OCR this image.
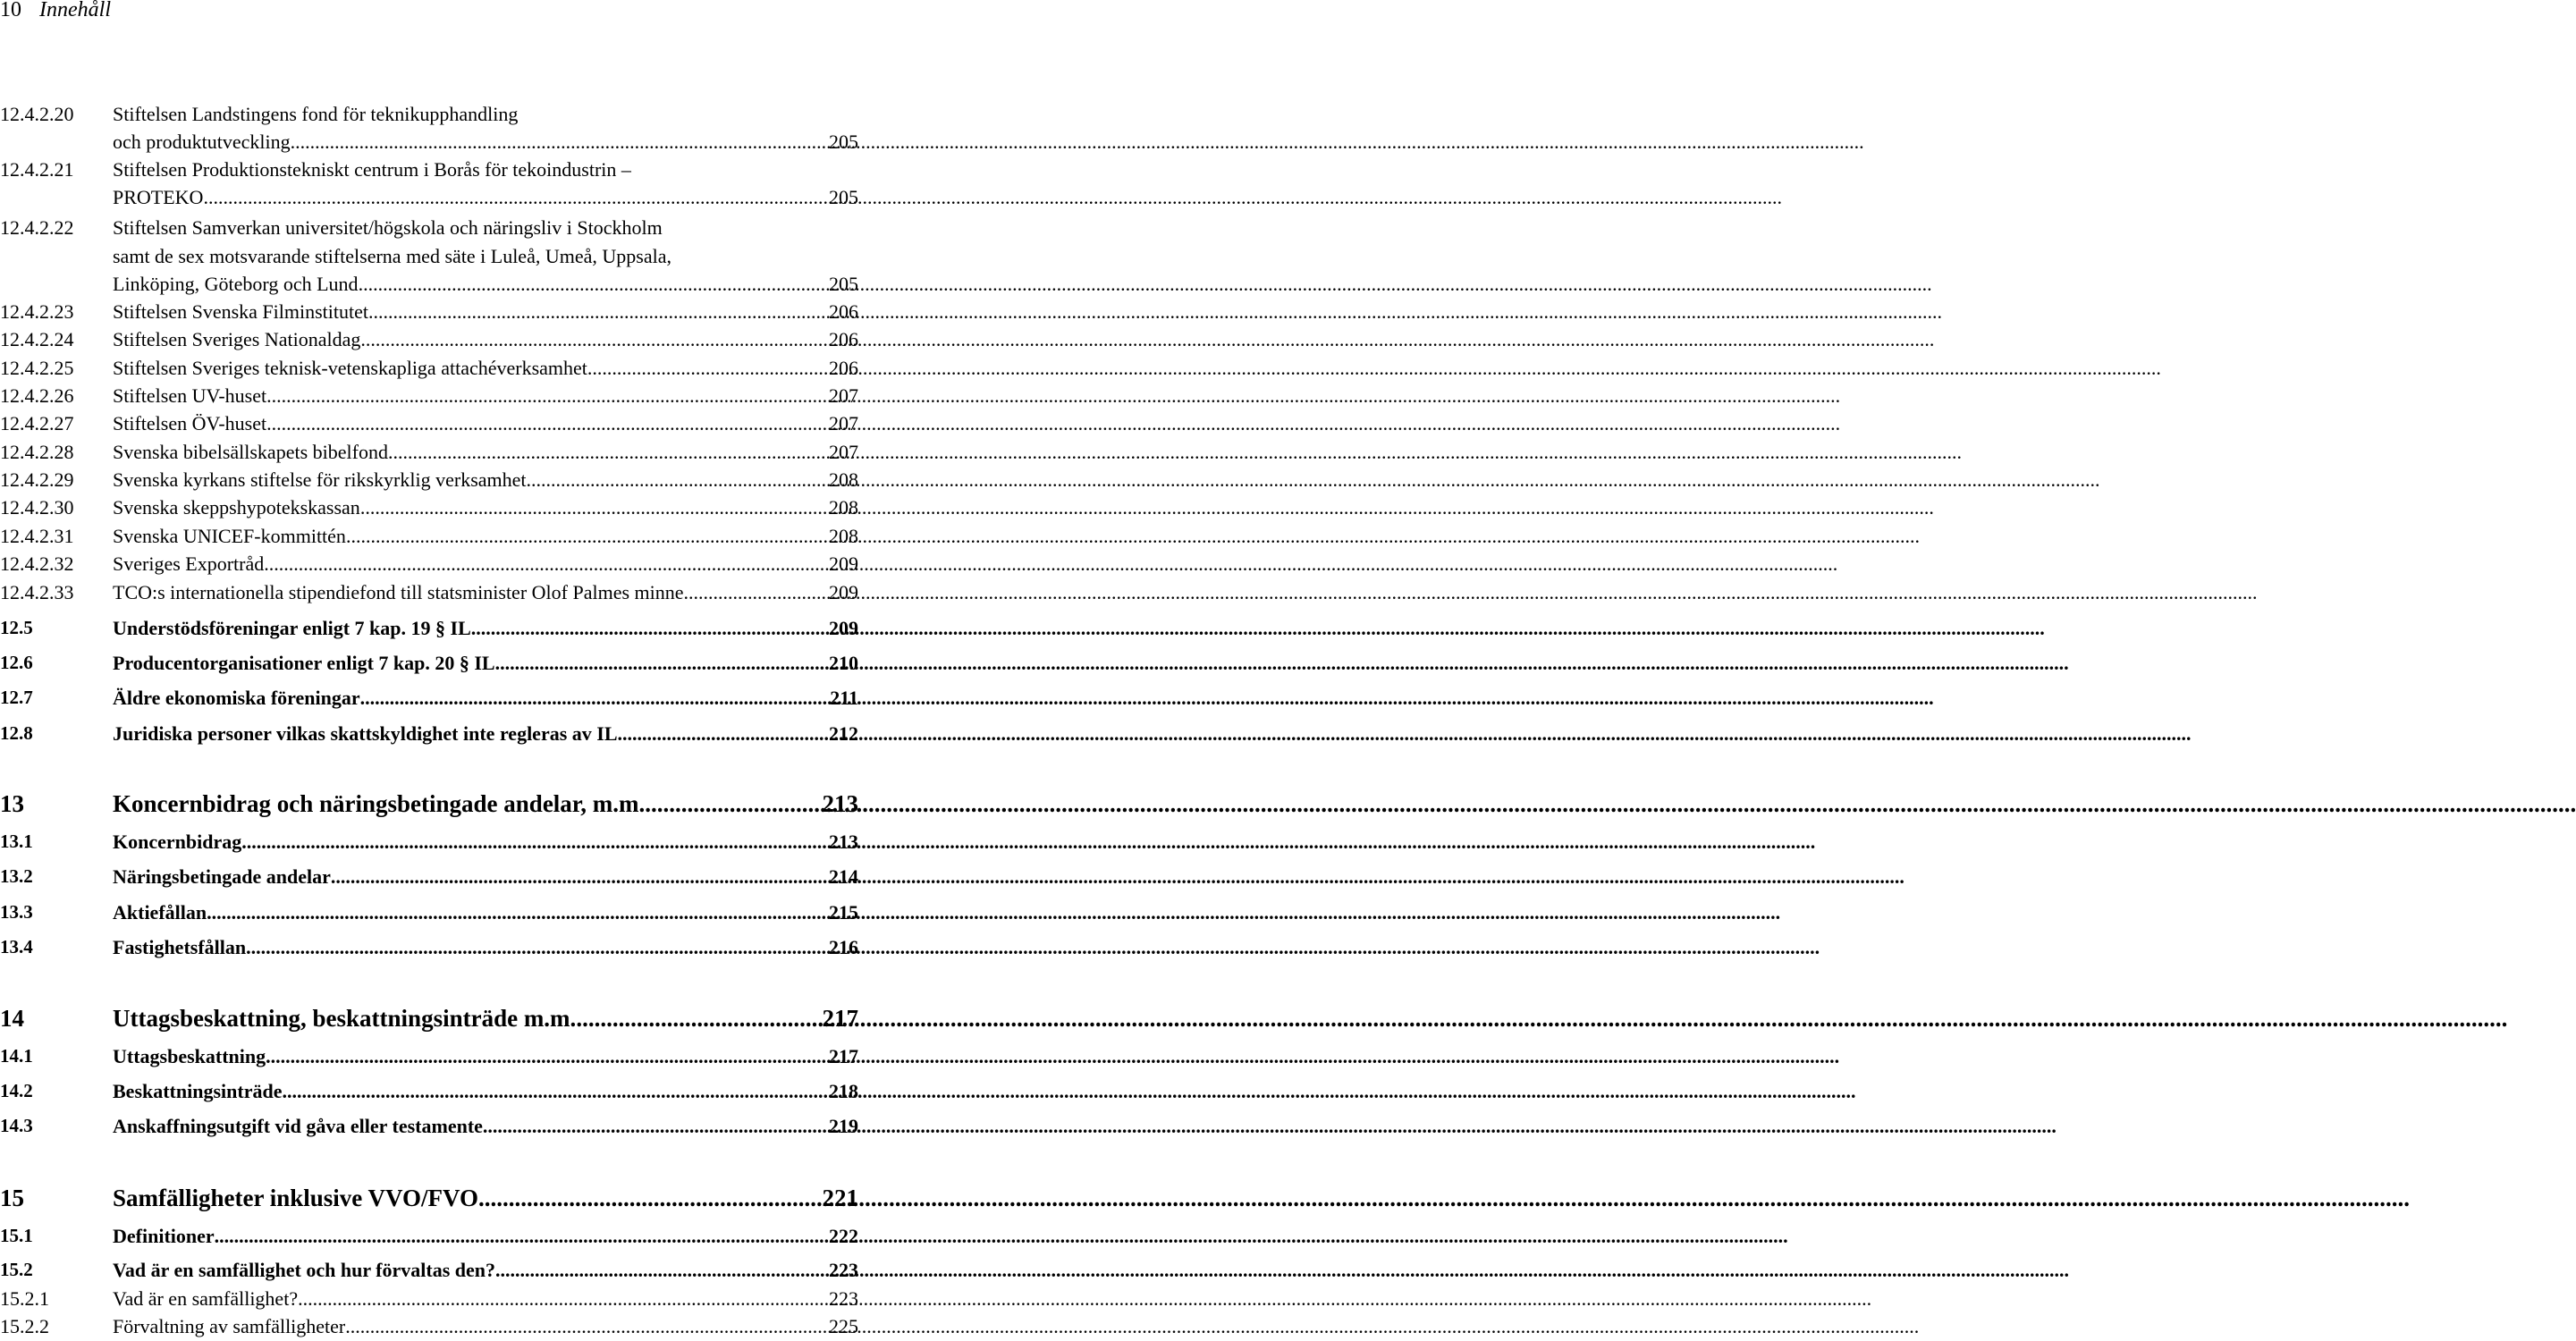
10 Innehåll
12.4.2.20 Stiftelsen Landstingens fond för teknikupphandling
och produktutveckling .....	205
12.4.2.21 Stiftelsen Produktionstekniskt centrum i Borås för tekoindustrin –
PROTEKO. .....	205
12.4.2.22 Stiftelsen Samverkan universitet/högskola och näringsliv i Stockholm
samt de sex motsvarande stiftelserna med säte i Luleå, Umeå, Uppsala,
Linköping, Göteborg och Lund .....	205
12.4.2.23 Stiftelsen Svenska Filminstitutet .....	206
12.4.2.24 Stiftelsen Sveriges Nationaldag .....	206
12.4.2.25 Stiftelsen Sveriges teknisk-vetenskapliga attachéverksamhet .....	206
12.4.2.26 Stiftelsen UV-huset .....	207
12.4.2.27 Stiftelsen ÖV-huset .....	207
12.4.2.28 Svenska bibelsällskapets bibelfond .....	207
12.4.2.29 Svenska kyrkans stiftelse för rikskyrklig verksamhet .....	208
12.4.2.30 Svenska skeppshypotekskassan .....	208
12.4.2.31 Svenska UNICEF-kommittén .....	208
12.4.2.32 Sveriges Exportråd .....	209
12.4.2.33 TCO:s internationella stipendiefond till statsminister Olof Palmes minne .....	209
12.5	Understödsföreningar enligt 7 kap. 19 § IL .....	209
12.6	Producentorganisationer enligt 7 kap. 20 § IL .....	210
12.7	Äldre ekonomiska föreningar .....	211
12.8	Juridiska personer vilkas skattskyldighet inte regleras av IL .....	212
13	Koncernbidrag och näringsbetingade andelar, m.m. .....	213
13.1	Koncernbidrag .....	213
13.2	Näringsbetingade andelar .....	214
13.3	Aktiefållan .....	215
13.4	Fastighetsfållan .....	216
14	Uttagsbeskattning, beskattningsinträde m.m. .....	217
14.1	Uttagsbeskattning .....	217
14.2	Beskattningsinträde .....	218
14.3	Anskaffningsutgift vid gåva eller testamente .....	219
15	Samfälligheter inklusive VVO/FVO .....	221
15.1	Definitioner .....	222
15.2	Vad är en samfällighet och hur förvaltas den? .....	223
15.2.1	Vad är en samfällighet? .....	223
15.2.2	Förvaltning av samfälligheter .....	225
